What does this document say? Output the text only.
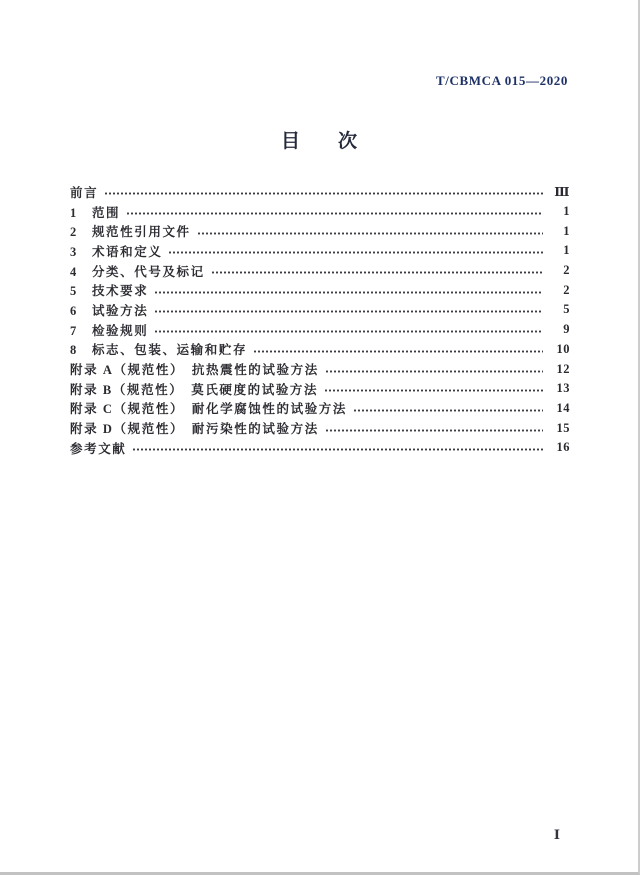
T/CBMCA 015—2020
目　　次
前言	Ⅲ
1　范围	1
2　规范性引用文件	1
3　术语和定义	1
4　分类、代号及标记	2
5　技术要求	2
6　试验方法	5
7　检验规则	9
8　标志、包装、运输和贮存	10
附录 A（规范性）　抗热震性的试验方法	12
附录 B（规范性）　莫氏硬度的试验方法	13
附录 C（规范性）　耐化学腐蚀性的试验方法	14
附录 D（规范性）　耐污染性的试验方法	15
参考文献	16
Ⅰ
